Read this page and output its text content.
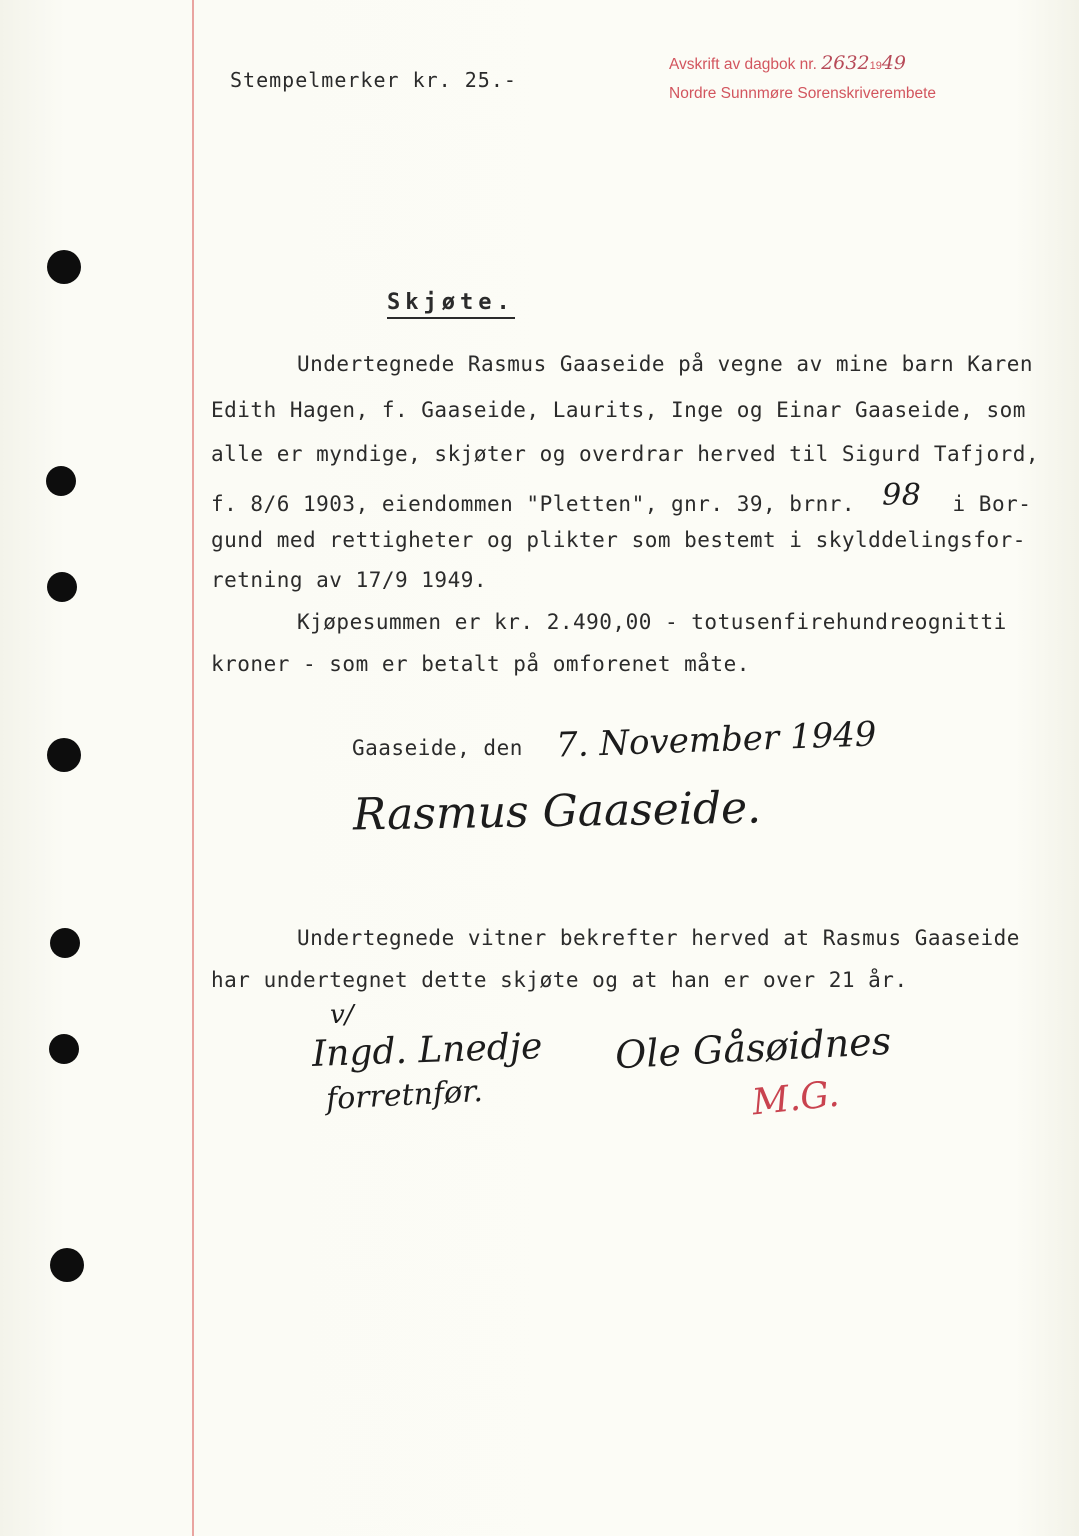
Stempelmerker kr. 25.-
Avskrift av dagbok nr. 26321949
Nordre Sunnmøre Sorenskriverembete
Skjøte.
Undertegnede Rasmus Gaaseide på vegne av mine barn Karen
Edith Hagen, f. Gaaseide, Laurits, Inge og Einar Gaaseide, som
alle er myndige, skjøter og overdrar herved til Sigurd Tafjord,
f. 8/6 1903, eiendommen "Pletten", gnr. 39, brnr. 98 i Bor-
gund med rettigheter og plikter som bestemt i skylddelingsfor-
retning av 17/9 1949.
Kjøpesummen er kr. 2.490,00 - totusenfirehundreognitti
kroner - som er betalt på omforenet måte.
Gaaseide, den 7. November 1949
Rasmus Gaaseide.
Undertegnede vitner bekrefter herved at Rasmus Gaaseide
har undertegnet dette skjøte og at han er over 21 år.
v/
Ingd. Lnedje
forretnfør.
Ole Gåsøidnes
M.G.
